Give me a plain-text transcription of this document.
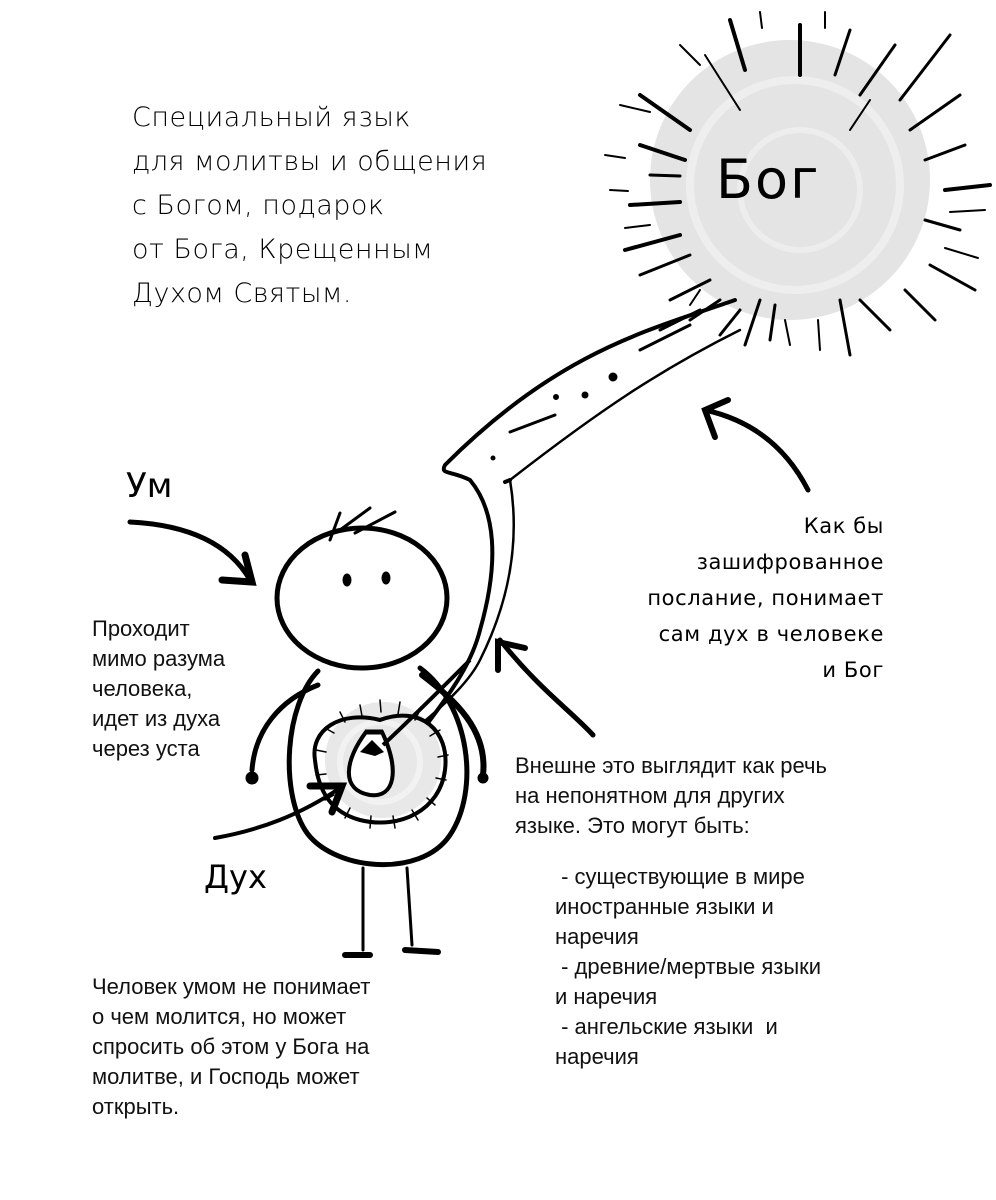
Специальный язык
для молитвы и общения
с Богом, подарок
от Бога, Крещенным
Духом Святым.
Бог
Ум
Дух
Как бы
зашифрованное
послание, понимает
сам дух в человеке
и Бог
Проходит
мимо разума
человека,
идет из духа
через уста
Внешне это выглядит как речь
на непонятном для других
языке. Это могут быть:
- существующие в мире
иностранные языки и
наречия
- древние/мертвые языки
и наречия
- ангельские языки  и
наречия
Человек умом не понимает
о чем молится, но может
спросить об этом у Бога на
молитве, и Господь может
открыть.
